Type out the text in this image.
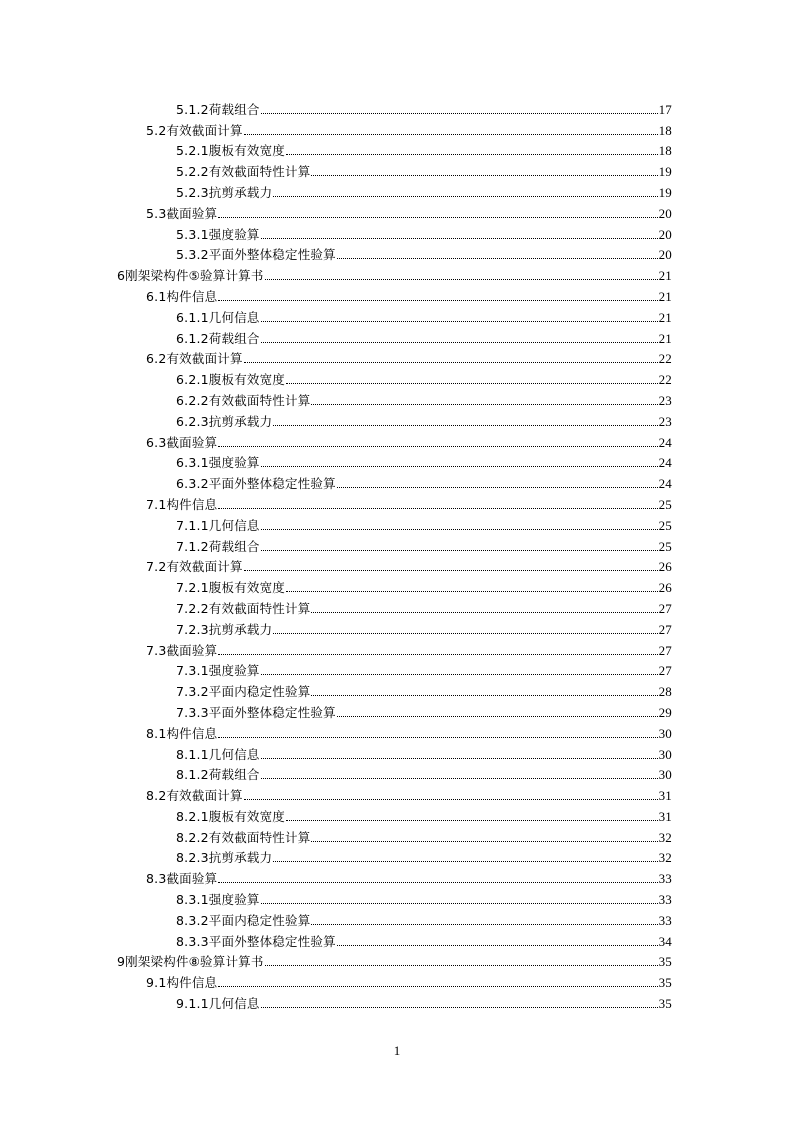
5.1.2荷载组合	17
5.2有效截面计算	18
5.2.1腹板有效宽度	18
5.2.2有效截面特性计算	19
5.2.3抗剪承载力	19
5.3截面验算	20
5.3.1强度验算	20
5.3.2平面外整体稳定性验算	20
6刚架梁构件⑤验算计算书	21
6.1构件信息	21
6.1.1几何信息	21
6.1.2荷载组合	21
6.2有效截面计算	22
6.2.1腹板有效宽度	22
6.2.2有效截面特性计算	23
6.2.3抗剪承载力	23
6.3截面验算	24
6.3.1强度验算	24
6.3.2平面外整体稳定性验算	24
7.1构件信息	25
7.1.1几何信息	25
7.1.2荷载组合	25
7.2有效截面计算	26
7.2.1腹板有效宽度	26
7.2.2有效截面特性计算	27
7.2.3抗剪承载力	27
7.3截面验算	27
7.3.1强度验算	27
7.3.2平面内稳定性验算	28
7.3.3平面外整体稳定性验算	29
8.1构件信息	30
8.1.1几何信息	30
8.1.2荷载组合	30
8.2有效截面计算	31
8.2.1腹板有效宽度	31
8.2.2有效截面特性计算	32
8.2.3抗剪承载力	32
8.3截面验算	33
8.3.1强度验算	33
8.3.2平面内稳定性验算	33
8.3.3平面外整体稳定性验算	34
9刚架梁构件⑧验算计算书	35
9.1构件信息	35
9.1.1几何信息	35
1
